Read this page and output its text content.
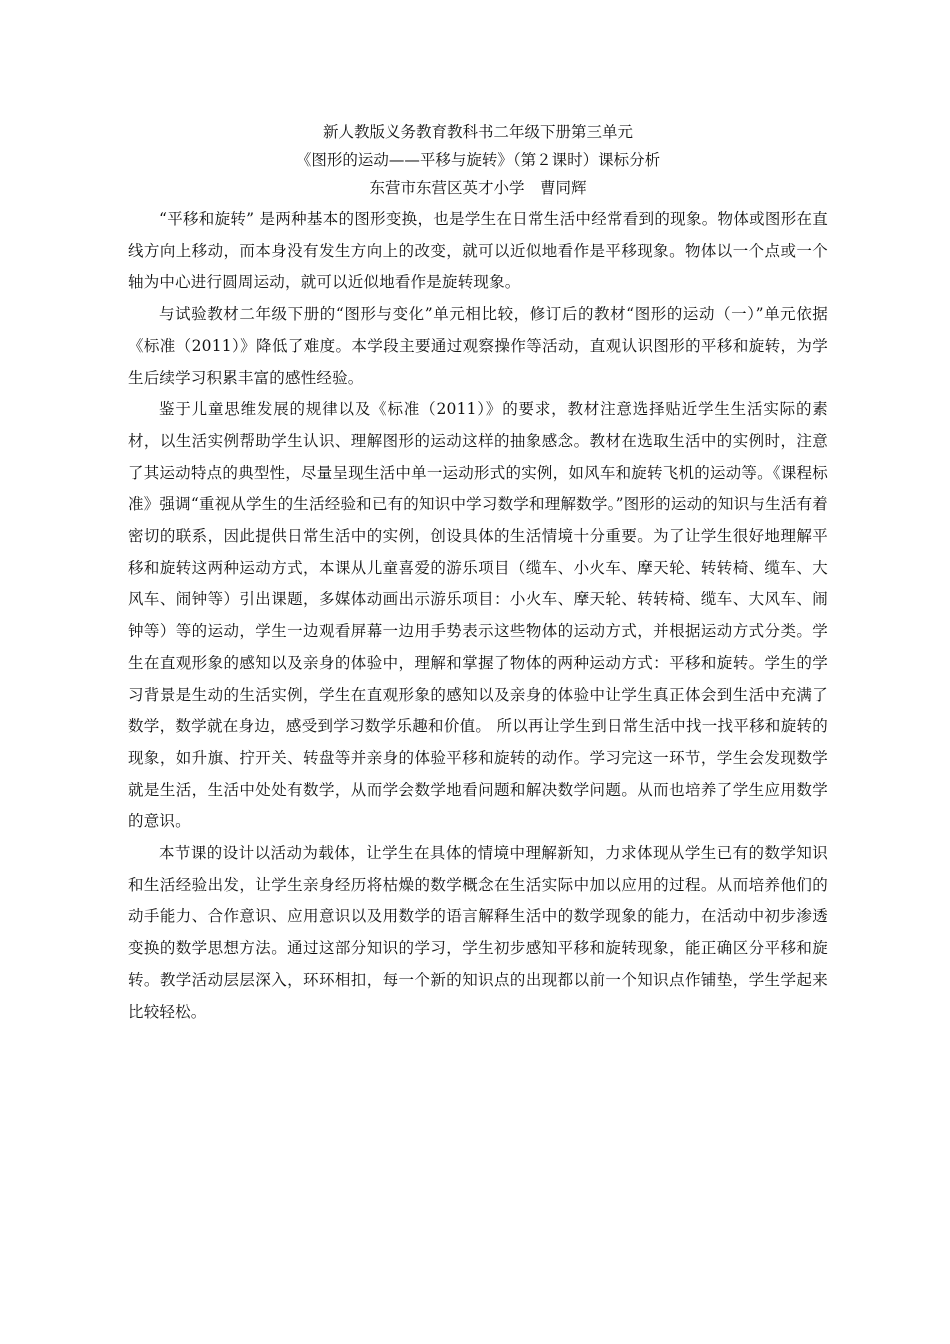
新人教版义务教育教科书二年级下册第三单元
《图形的运动——平移与旋转》（第２课时）课标分析
东营市东营区英才小学　曹同辉

“平移和旋转” 是两种基本的图形变换，也是学生在日常生活中经常看到的现象。物体或图形在直线方向上移动，而本身没有发生方向上的改变，就可以近似地看作是平移现象。物体以一个点或一个轴为中心进行圆周运动，就可以近似地看作是旋转现象。

与试验教材二年级下册的“图形与变化”单元相比较，修订后的教材“图形的运动（一）”单元依据《标准（2011）》降低了难度。本学段主要通过观察操作等活动，直观认识图形的平移和旋转，为学生后续学习积累丰富的感性经验。

鉴于儿童思维发展的规律以及《标准（2011）》的要求，教材注意选择贴近学生生活实际的素材，以生活实例帮助学生认识、理解图形的运动这样的抽象感念。教材在选取生活中的实例时，注意了其运动特点的典型性，尽量呈现生活中单一运动形式的实例，如风车和旋转飞机的运动等。《课程标准》强调“重视从学生的生活经验和已有的知识中学习数学和理解数学。”图形的运动的知识与生活有着密切的联系，因此提供日常生活中的实例，创设具体的生活情境十分重要。为了让学生很好地理解平移和旋转这两种运动方式，本课从儿童喜爱的游乐项目（缆车、小火车、摩天轮、转转椅、缆车、大风车、闹钟等）引出课题，多媒体动画出示游乐项目：小火车、摩天轮、转转椅、缆车、大风车、闹钟等）等的运动，学生一边观看屏幕一边用手势表示这些物体的运动方式，并根据运动方式分类。学生在直观形象的感知以及亲身的体验中，理解和掌握了物体的两种运动方式：平移和旋转。学生的学习背景是生动的生活实例，学生在直观形象的感知以及亲身的体验中让学生真正体会到生活中充满了数学，数学就在身边，感受到学习数学乐趣和价值。 所以再让学生到日常生活中找一找平移和旋转的现象，如升旗、拧开关、转盘等并亲身的体验平移和旋转的动作。学习完这一环节，学生会发现数学就是生活，生活中处处有数学，从而学会数学地看问题和解决数学问题。从而也培养了学生应用数学的意识。

本节课的设计以活动为载体，让学生在具体的情境中理解新知，力求体现从学生已有的数学知识和生活经验出发，让学生亲身经历将枯燥的数学概念在生活实际中加以应用的过程。从而培养他们的动手能力、合作意识、应用意识以及用数学的语言解释生活中的数学现象的能力，在活动中初步渗透变换的数学思想方法。通过这部分知识的学习，学生初步感知平移和旋转现象，能正确区分平移和旋转。教学活动层层深入，环环相扣，每一个新的知识点的出现都以前一个知识点作铺垫，学生学起来比较轻松。
